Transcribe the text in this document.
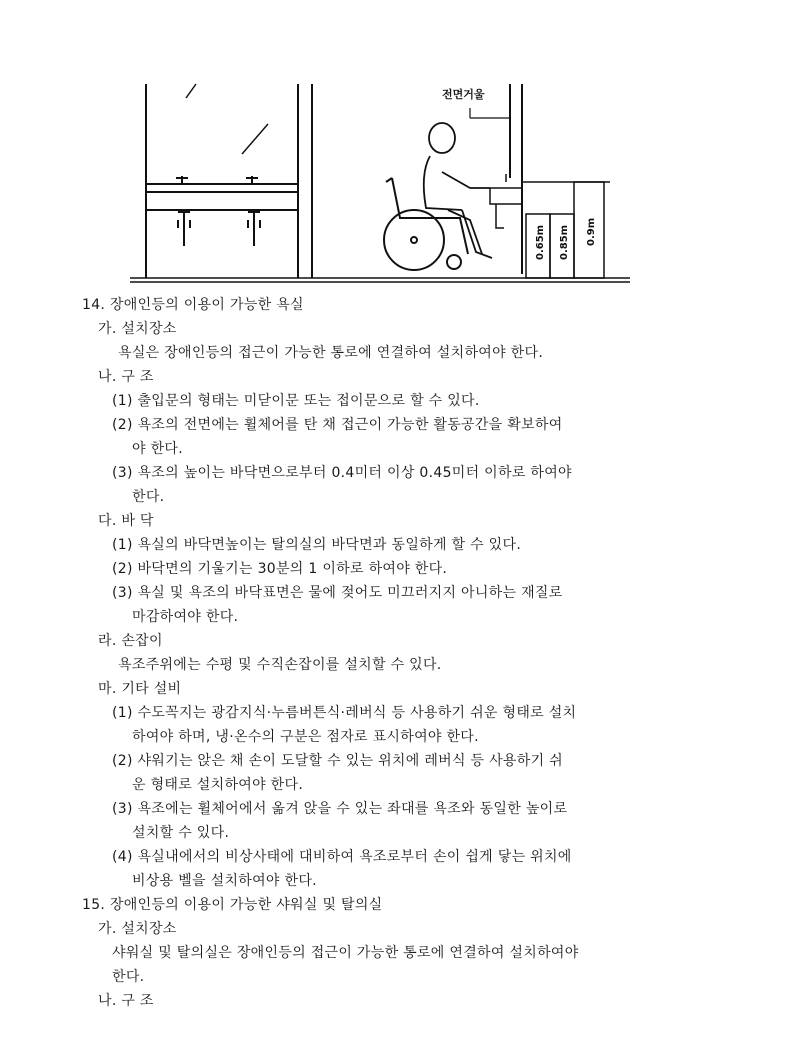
전면거울
0.65m 0.85m 0.9m
14. 장애인등의 이용이 가능한 욕실
가. 설치장소
욕실은 장애인등의 접근이 가능한 통로에 연결하여 설치하여야 한다.
나. 구 조
(1) 출입문의 형태는 미닫이문 또는 접이문으로 할 수 있다.
(2) 욕조의 전면에는 휠체어를 탄 채 접근이 가능한 활동공간을 확보하여
야 한다.
(3) 욕조의 높이는 바닥면으로부터 0.4미터 이상 0.45미터 이하로 하여야
한다.
다. 바 닥
(1) 욕실의 바닥면높이는 탈의실의 바닥면과 동일하게 할 수 있다.
(2) 바닥면의 기울기는 30분의 1 이하로 하여야 한다.
(3) 욕실 및 욕조의 바닥표면은 물에 젖어도 미끄러지지 아니하는 재질로
마감하여야 한다.
라. 손잡이
욕조주위에는 수평 및 수직손잡이를 설치할 수 있다.
마. 기타 설비
(1) 수도꼭지는 광감지식·누름버튼식·레버식 등 사용하기 쉬운 형태로 설치
하여야 하며, 냉·온수의 구분은 점자로 표시하여야 한다.
(2) 샤워기는 앉은 채 손이 도달할 수 있는 위치에 레버식 등 사용하기 쉬
운 형태로 설치하여야 한다.
(3) 욕조에는 휠체어에서 옮겨 앉을 수 있는 좌대를 욕조와 동일한 높이로
설치할 수 있다.
(4) 욕실내에서의 비상사태에 대비하여 욕조로부터 손이 쉽게 닿는 위치에
비상용 벨을 설치하여야 한다.
15. 장애인등의 이용이 가능한 샤워실 및 탈의실
가. 설치장소
샤워실 및 탈의실은 장애인등의 접근이 가능한 통로에 연결하여 설치하여야
한다.
나. 구 조
